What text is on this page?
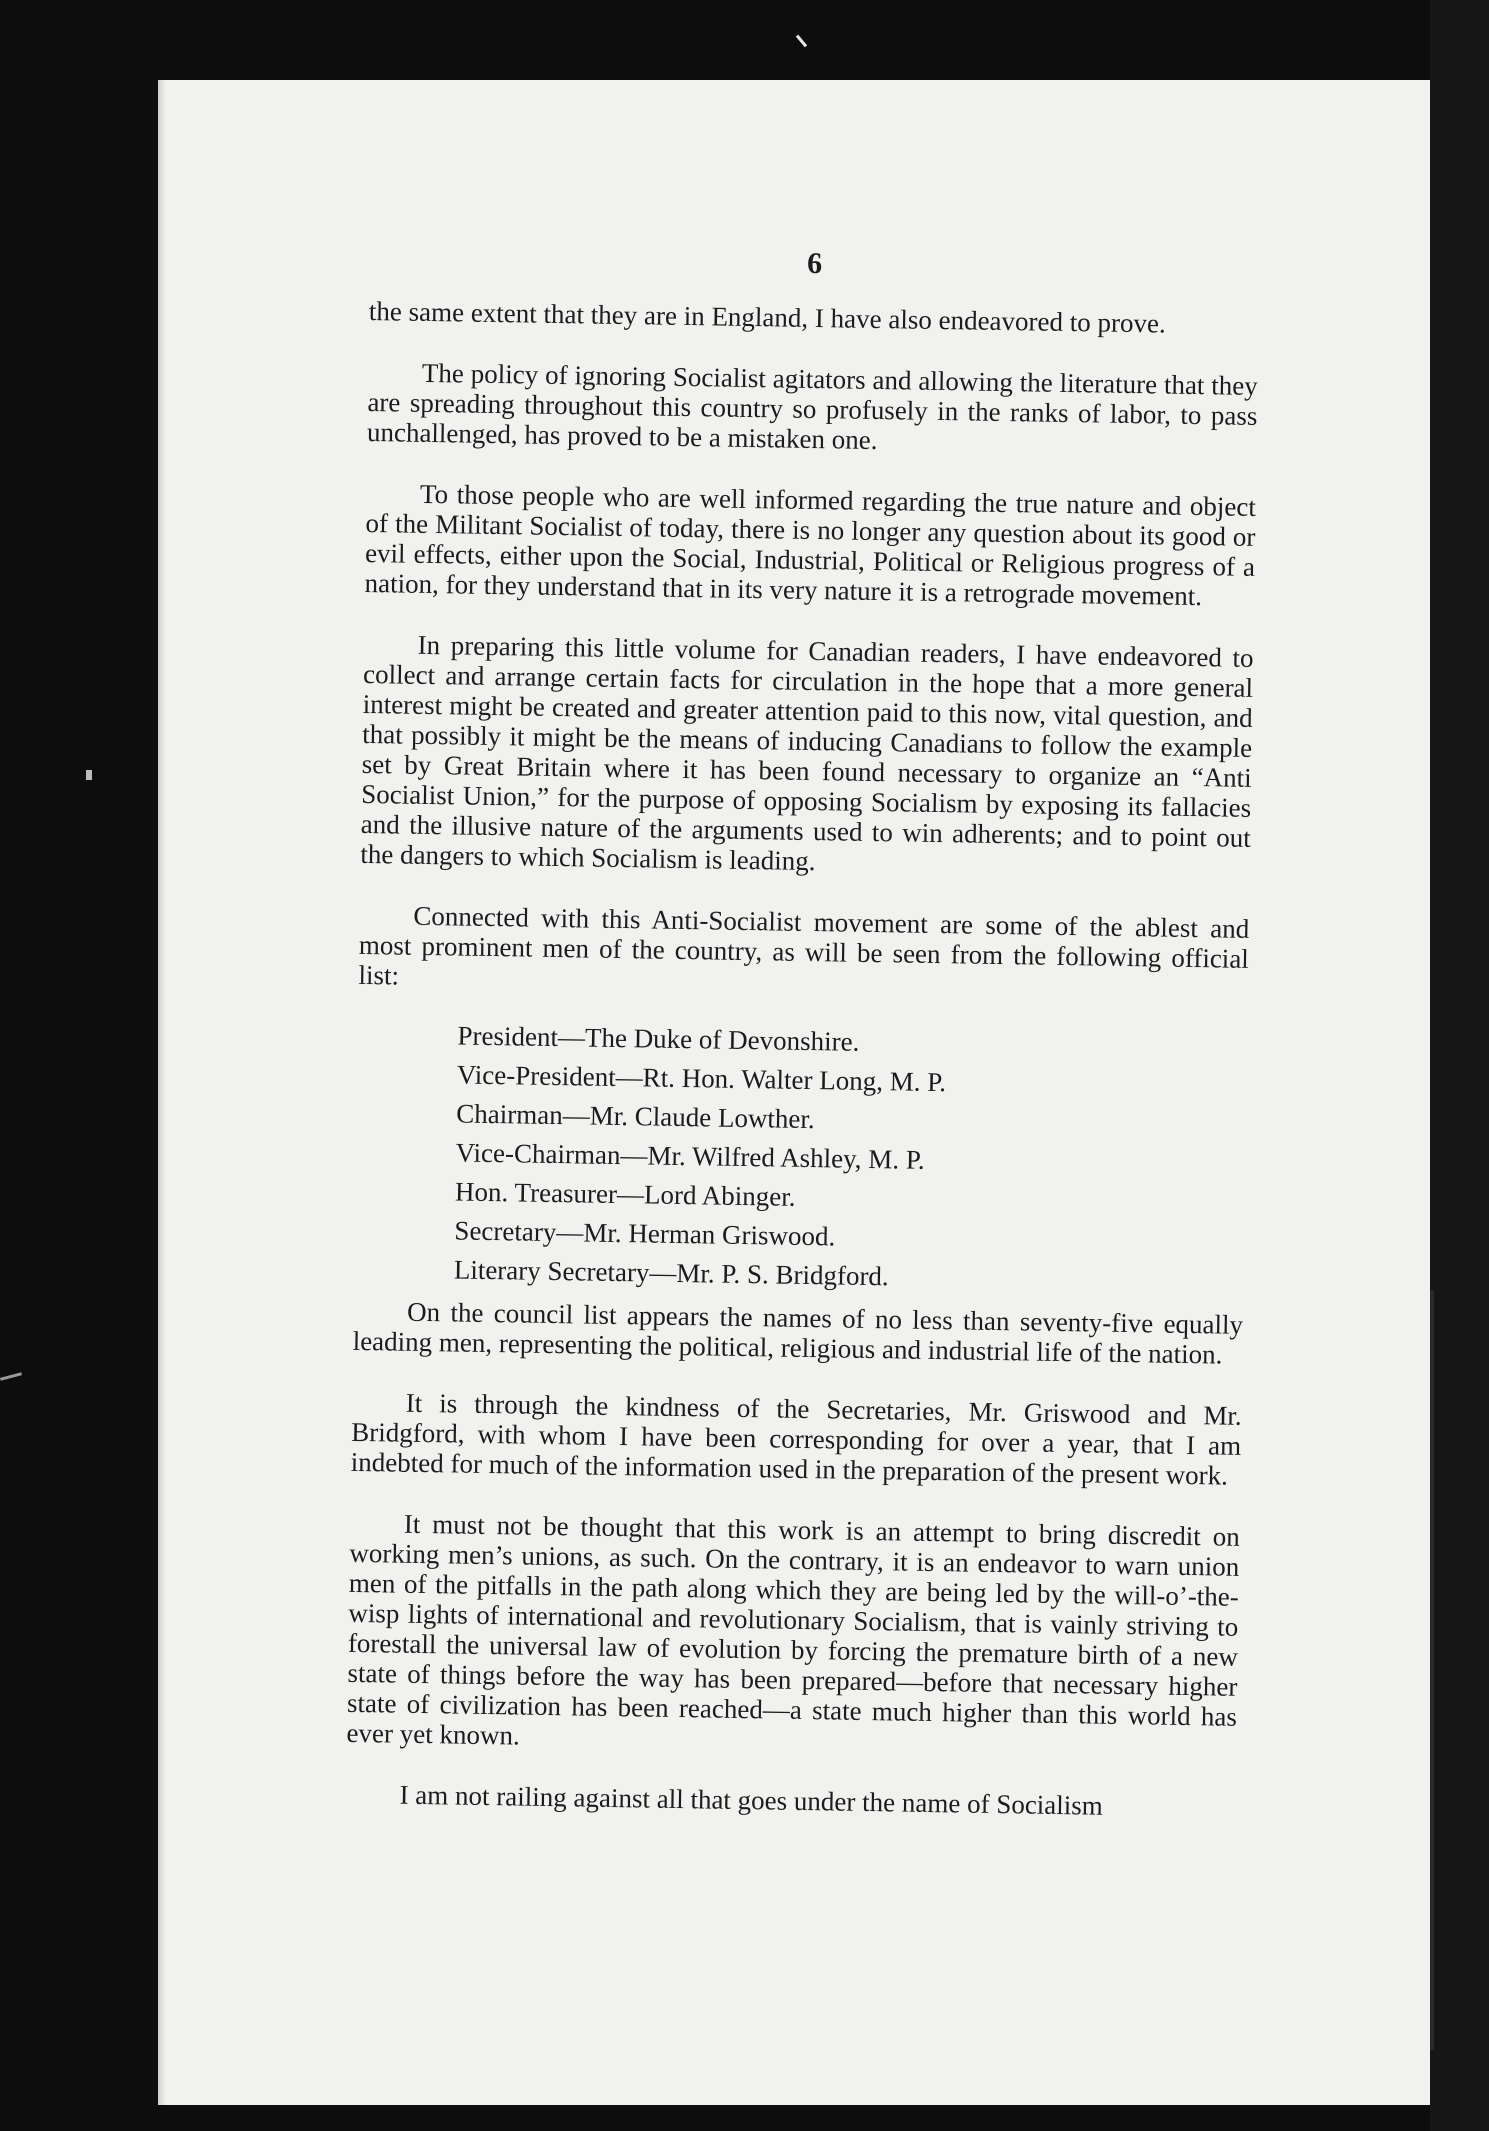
6

the same extent that they are in England, I have also endeavored to prove.

The policy of ignoring Socialist agitators and allowing the literature that they are spreading throughout this country so profusely in the ranks of labor, to pass unchallenged, has proved to be a mistaken one.

To those people who are well informed regarding the true nature and object of the Militant Socialist of today, there is no longer any question about its good or evil effects, either upon the Social, Industrial, Political or Religious progress of a nation, for they understand that in its very nature it is a retrograde movement.

In preparing this little volume for Canadian readers, I have endeavored to collect and arrange certain facts for circulation in the hope that a more general interest might be created and greater attention paid to this now, vital question, and that possibly it might be the means of inducing Canadians to follow the example set by Great Britain where it has been found necessary to organize an “Anti Socialist Union,” for the purpose of opposing Socialism by exposing its fallacies and the illusive nature of the arguments used to win adherents; and to point out the dangers to which Socialism is leading.

Connected with this Anti-Socialist movement are some of the ablest and most prominent men of the country, as will be seen from the following official list:

President—The Duke of Devonshire.
Vice-President—Rt. Hon. Walter Long, M. P.
Chairman—Mr. Claude Lowther.
Vice-Chairman—Mr. Wilfred Ashley, M. P.
Hon. Treasurer—Lord Abinger.
Secretary—Mr. Herman Griswood.
Literary Secretary—Mr. P. S. Bridgford.

On the council list appears the names of no less than seventy-five equally leading men, representing the political, religious and industrial life of the nation.

It is through the kindness of the Secretaries, Mr. Griswood and Mr. Bridgford, with whom I have been corresponding for over a year, that I am indebted for much of the information used in the preparation of the present work.

It must not be thought that this work is an attempt to bring discredit on working men’s unions, as such. On the contrary, it is an endeavor to warn union men of the pitfalls in the path along which they are being led by the will-o’-the-wisp lights of international and revolutionary Socialism, that is vainly striving to forestall the universal law of evolution by forcing the premature birth of a new state of things before the way has been prepared—before that necessary higher state of civilization has been reached—a state much higher than this world has ever yet known.

I am not railing against all that goes under the name of Socialism
